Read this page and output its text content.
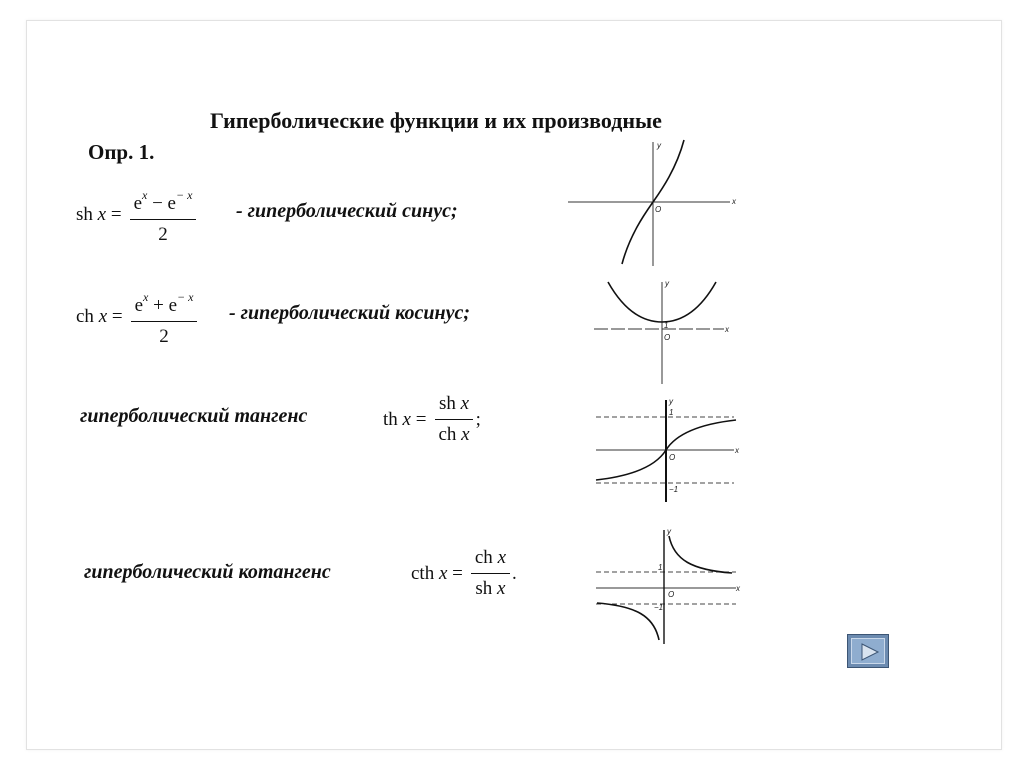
Гиперболические функции и их производные
Опр. 1.
sh $x = \frac{e^x - e^{- x}}{2}$ - гиперболический синус;
ch $x = \frac{e^x + e^{- x}}{2}$ - гиперболический косинус;
гиперболический тангенс	th $x = \frac{\text{sh x}}{\text{ch x}}$ ;
гиперболический котангенс	cth $x = \frac{\text{ch x}}{\text{sh x}}$ .
y
x
O
y
x
O
1
y
x
O
1
−1
y
x
O
1
−1
